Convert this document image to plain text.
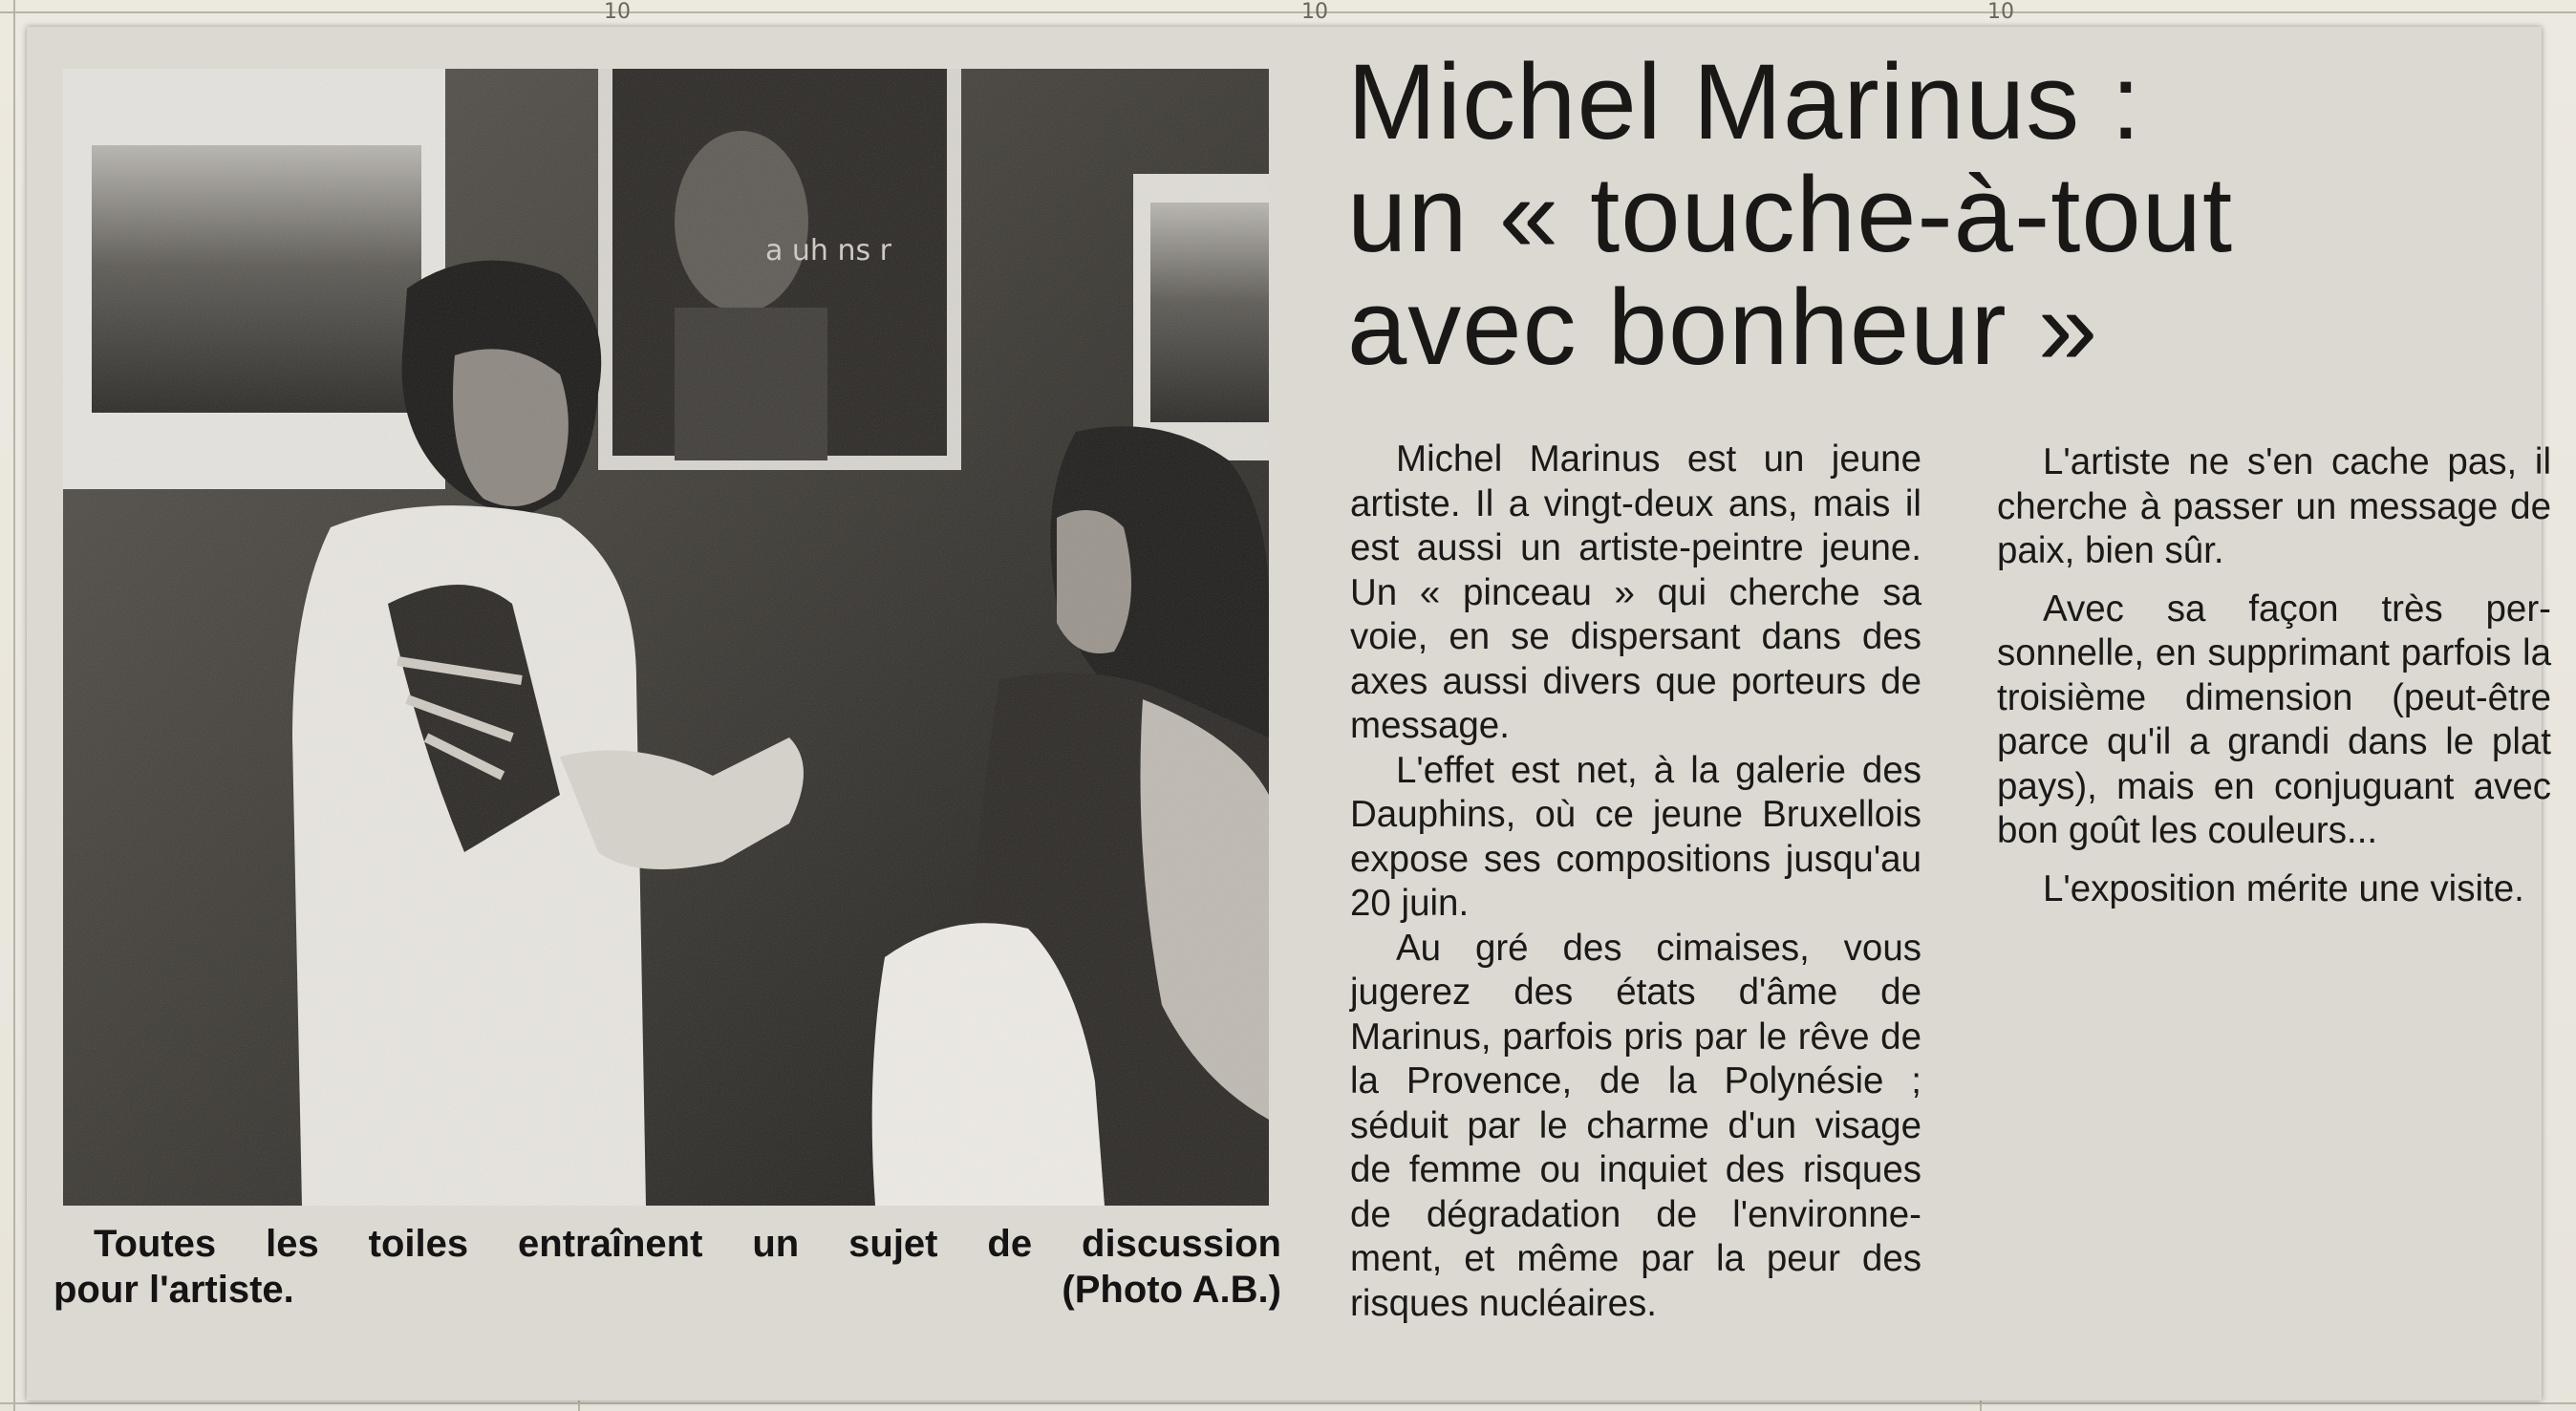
10	10	10
Toutes les toiles entraînent un sujet de discussion
pour l'artiste.	(Photo A.B.)
Michel Marinus :
un « touche-à-tout
avec bonheur »

Michel Marinus est un jeune artiste. Il a vingt-deux ans, mais il est aussi un artiste-peintre jeune. Un « pinceau » qui cherche sa voie, en se dispersant dans des axes aussi divers que porteurs de message.

L'effet est net, à la galerie des Dauphins, où ce jeune Bruxellois expose ses compositions jusqu'au 20 juin.

Au gré des cimaises, vous jugerez des états d'âme de Marinus, parfois pris par le rêve de la Provence, de la Polynésie ; séduit par le charme d'un visage de femme ou inquiet des risques de dégradation de l'environnement, et même par la peur des risques nucléaires.

L'artiste ne s'en cache pas, il cherche à passer un message de paix, bien sûr.

Avec sa façon très personnelle, en supprimant parfois la troisième dimension (peut-être parce qu'il a grandi dans le plat pays), mais en conjuguant avec bon goût les couleurs...

L'exposition mérite une visite.
